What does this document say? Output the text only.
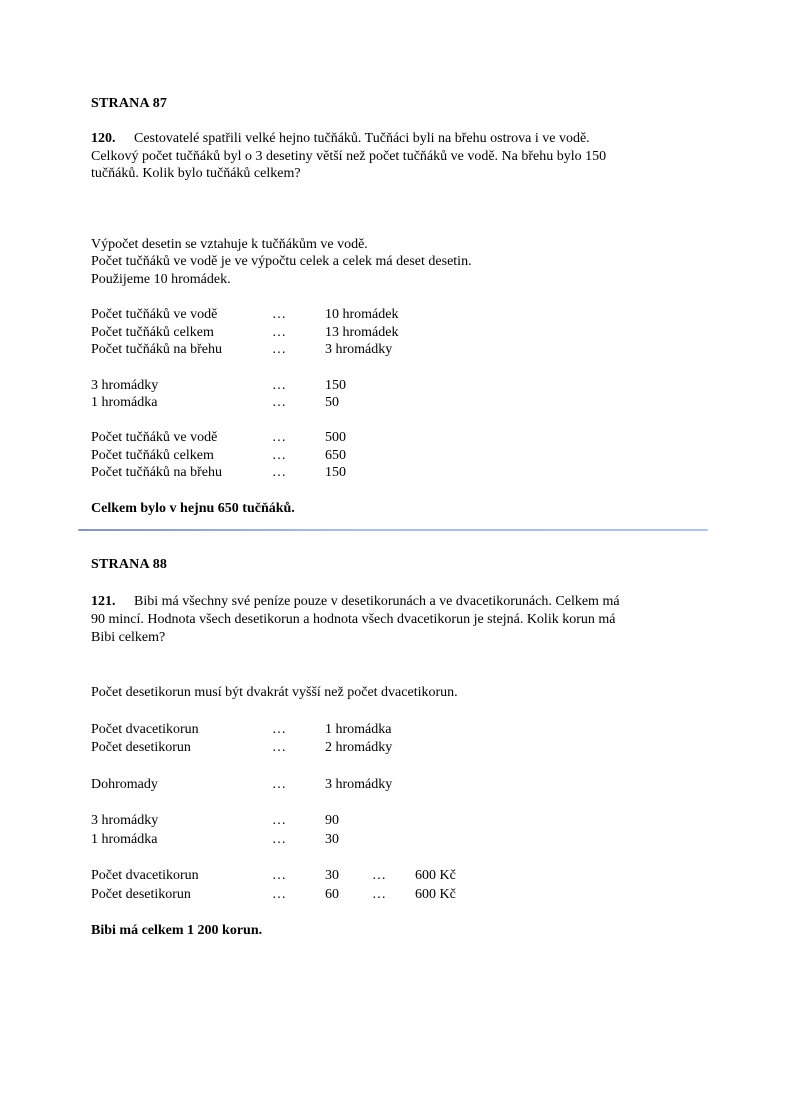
STRANA 87
120. Cestovatelé spatřili velké hejno tučňáků. Tučňáci byli na břehu ostrova i ve vodě.
Celkový počet tučňáků byl o 3 desetiny větší než počet tučňáků ve vodě. Na břehu bylo 150
tučňáků. Kolik bylo tučňáků celkem?
Výpočet desetin se vztahuje k tučňákům ve vodě.
Počet tučňáků ve vodě je ve výpočtu celek a celek má deset desetin.
Použijeme 10 hromádek.
Počet tučňáků ve vodě	…	10 hromádek
Počet tučňáků celkem	…	13 hromádek
Počet tučňáků na břehu	…	3 hromádky
3 hromádky	…	150
1 hromádka	…	50
Počet tučňáků ve vodě	…	500
Počet tučňáků celkem	…	650
Počet tučňáků na břehu	…	150
Celkem bylo v hejnu 650 tučňáků.
STRANA 88
121. Bibi má všechny své peníze pouze v desetikorunách a ve dvacetikorunách. Celkem má
90 mincí. Hodnota všech desetikorun a hodnota všech dvacetikorun je stejná. Kolik korun má
Bibi celkem?
Počet desetikorun musí být dvakrát vyšší než počet dvacetikorun.
Počet dvacetikorun	…	1 hromádka
Počet desetikorun	…	2 hromádky
Dohromady	…	3 hromádky
3 hromádky	…	90
1 hromádka	…	30
Počet dvacetikorun	…	30	…	600 Kč
Počet desetikorun	…	60	…	600 Kč
Bibi má celkem 1 200 korun.
